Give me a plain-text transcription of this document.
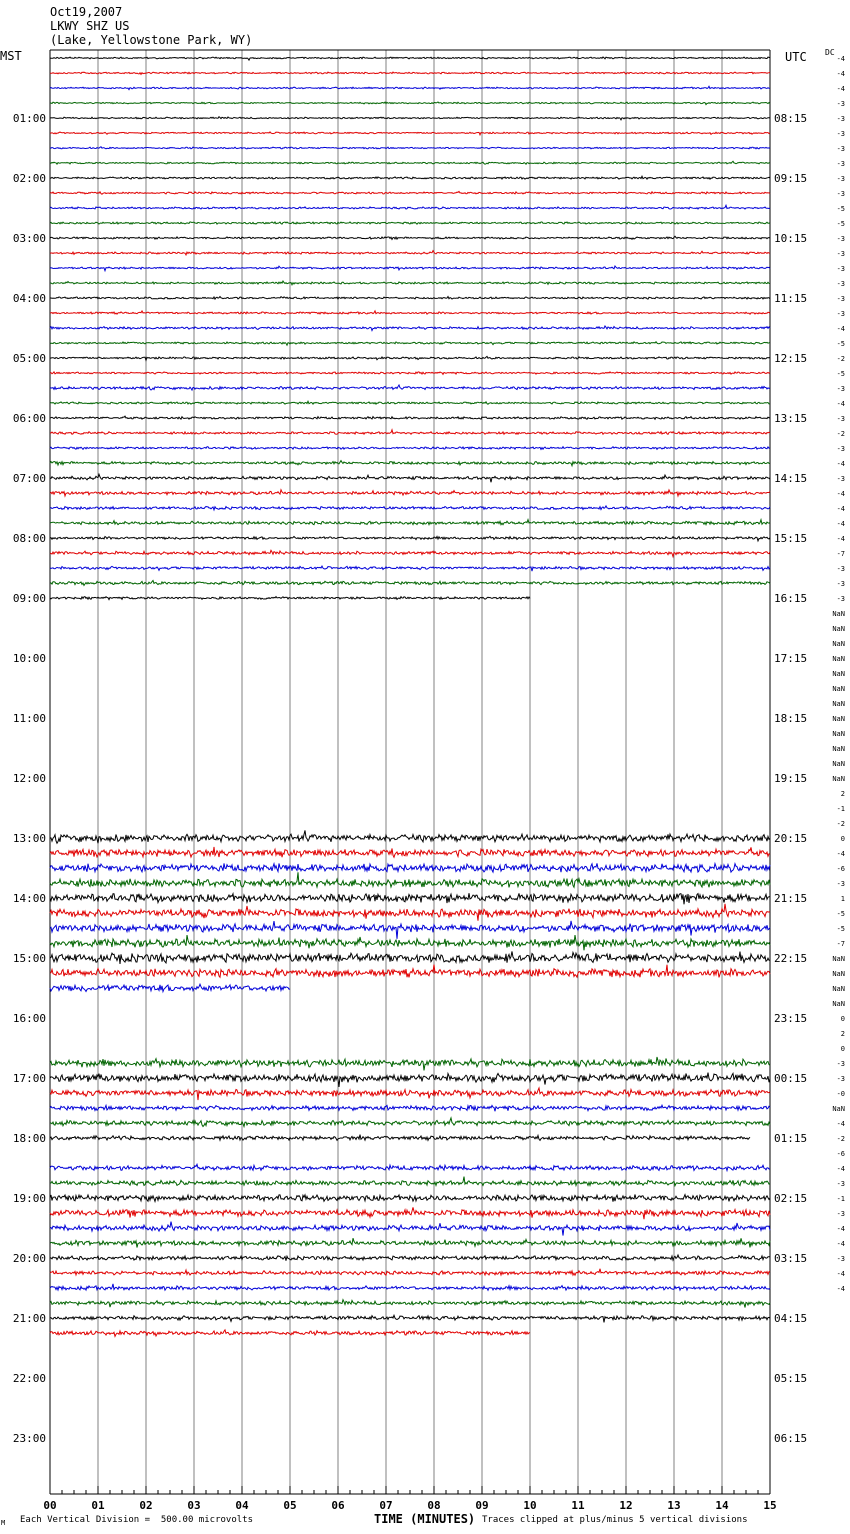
Oct19,2007
LKWY SHZ US
(Lake, Yellowstone Park, WY)
MST	UTC DC
01:00
02:00
03:00
04:00
05:00
06:00
07:00
08:00
09:00
10:00
11:00
12:00
13:00
14:00
15:00
16:00
17:00
18:00
19:00
20:00
21:00
22:00
23:00
08:15
09:15
10:15
11:15
12:15
13:15
14:15
15:15
16:15
17:15
18:15
19:15
20:15
21:15
22:15
23:15
00:15
01:15
02:15
03:15
04:15
05:15
06:15
-4
-4
-4
-3
-3
-3
-3
-3
-3
-3
-5
-5
-3
-3
-3
-3
-3
-3
-4
-5
-2
-5
-3
-4
-3
-2
-3
-4
-3
-4
-4
-4
-4
-7
-3
-3
-3
NaN
NaN
NaN
NaN
NaN
NaN
NaN
NaN
NaN
NaN
NaN
NaN
2
-1
-2
0
-4
-6
-3
1
-5
-5
-7
NaN
NaN
NaN
NaN
0
2
0
-3
-3
-0
NaN
-4
-2
-6
-4
-3
-1
-3
-4
-4
-3
-4
-4
00	01	02	03	04	05	06	07	08	09	10	11	12	13	14	15
TIME (MINUTES)
M Each Vertical Division =  500.00 microvolts	Traces clipped at plus/minus 5 vertical divisions
